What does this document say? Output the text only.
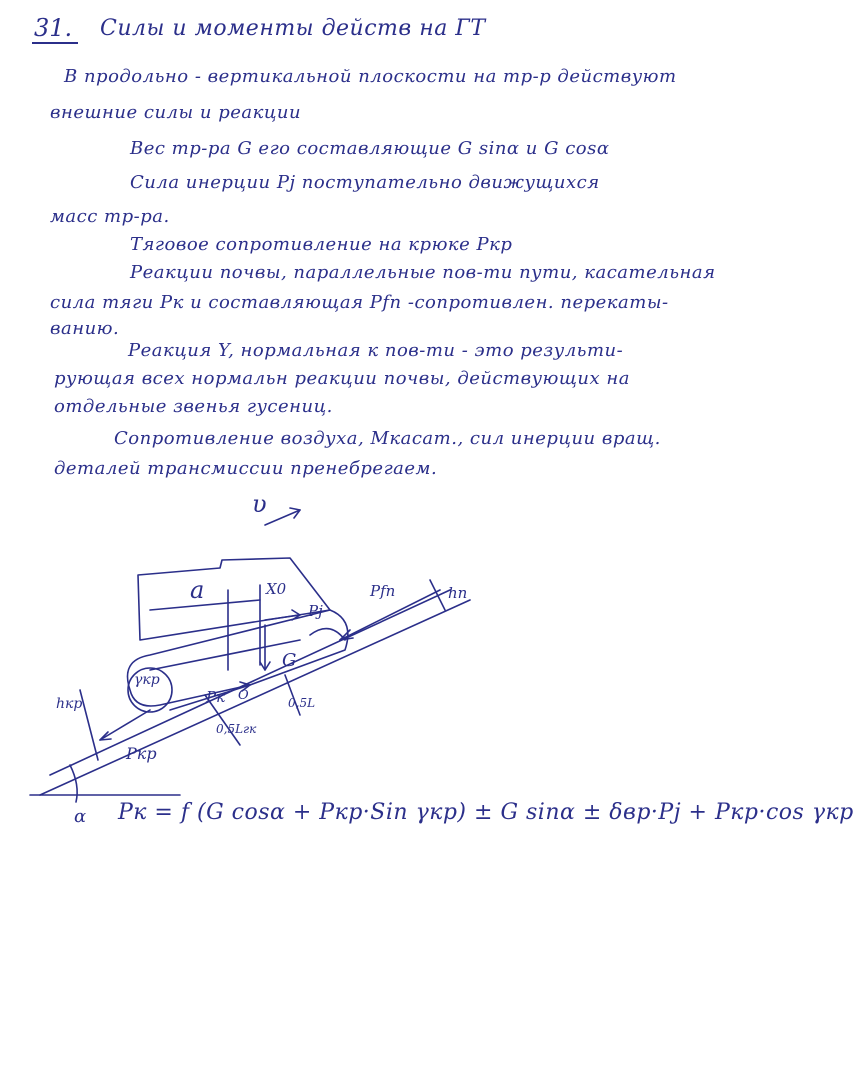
31. Силы и моменты действ на ГТ
В продольно - вертикальной плоскости на тр-р действуют
внешние силы и реакции
Вес тр-ра G его составляющие G sinα и G cosα
Сила инерции Pj поступательно движущихся
масс тр-ра.
Тяговое сопротивление на крюке Pкр
Реакции почвы, параллельные пов-ти пути, касательная
сила тяги Pк и составляющая Pfn -сопротивлен. перекаты-
ванию.
Реакция Y, нормальная к пов-ти - это результи-
рующая всех нормальн реакции почвы, действующих на
отдельные звенья гусениц.
Сопротивление воздуха, Mкасат., сил инерции вращ.
деталей трансмиссии пренебрегаем.
υ
a	X0
Pj
Pfn	hn
G
γкр
Pк O
0,5Lгк
0,5L
hкр
Pкр
α Pк = f (G cosα + Pкр·Sin γкр) ± G sinα ± δвр·Pj + Pкр·cos γкр
